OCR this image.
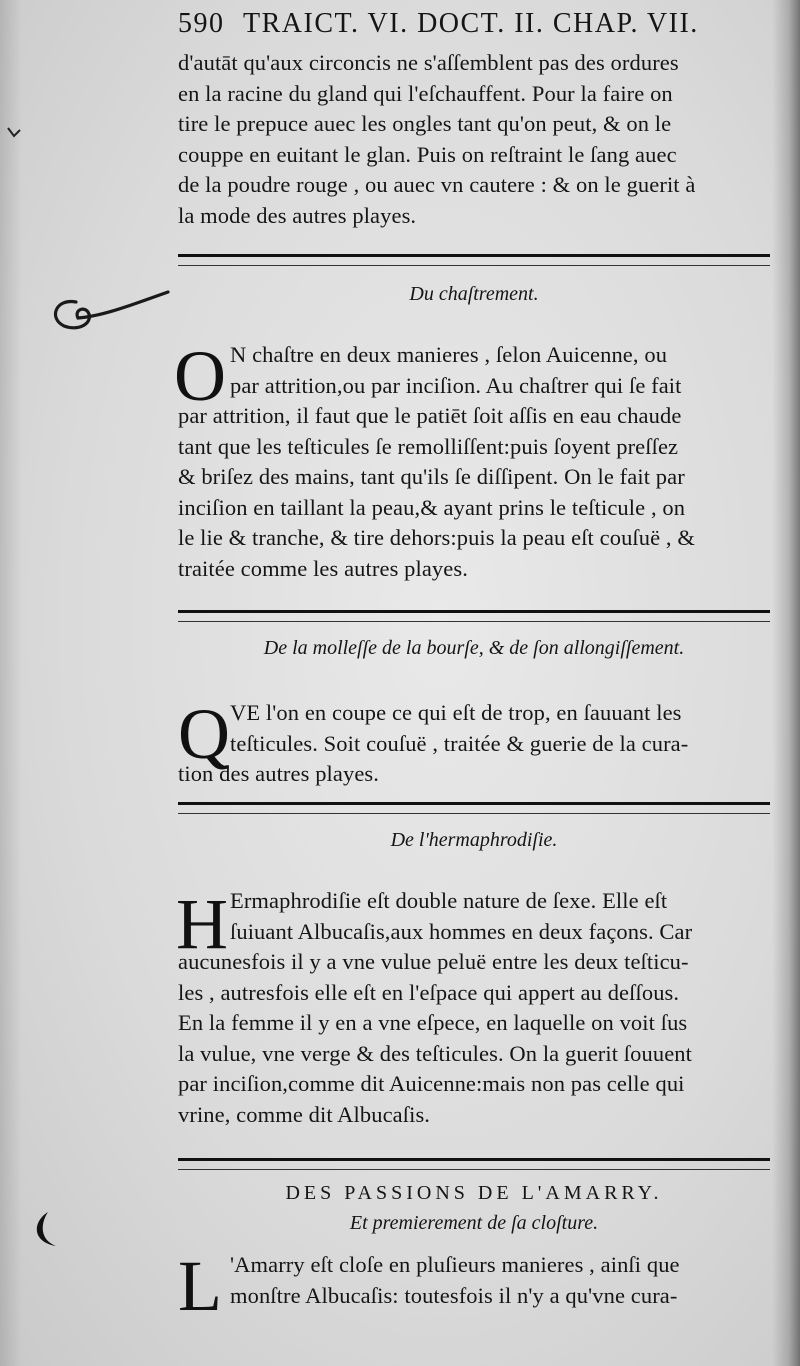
590 TRAICT. VI. DOCT. II. CHAP. VII.
d'autāt qu'aux circoncis ne s'aſſemblent pas des ordures
en la racine du gland qui l'eſchauffent. Pour la faire on
tire le prepuce auec les ongles tant qu'on peut, & on le
couppe en euitant le glan. Puis on reſtraint le ſang auec
de la poudre rouge , ou auec vn cautere : & on le guerit à
la mode des autres playes.
Du chaſtrement.
O N chaſtre en deux manieres , ſelon Auicenne, ou
par attrition,ou par inciſion. Au chaſtrer qui ſe fait
par attrition, il faut que le patiēt ſoit aſſis en eau chaude
tant que les teſticules ſe remolliſſent:puis ſoyent preſſez
& briſez des mains, tant qu'ils ſe diſſipent. On le fait par
inciſion en taillant la peau,& ayant prins le teſticule , on
le lie & tranche, & tire dehors:puis la peau eſt couſuë , &
traitée comme les autres playes.
De la molleſſe de la bourſe, & de ſon allongiſſement.
Q VE l'on en coupe ce qui eſt de trop, en ſauuant les
teſticules. Soit couſuë , traitée & guerie de la cura-
tion des autres playes.
De l'hermaphrodiſie.
H Ermaphrodiſie eſt double nature de ſexe. Elle eſt
ſuiuant Albucaſis,aux hommes en deux façons. Car
aucunesfois il y a vne vulue peluë entre les deux teſticu-
les , autresfois elle eſt en l'eſpace qui appert au deſſous.
En la femme il y en a vne eſpece, en laquelle on voit ſus
la vulue, vne verge & des teſticules. On la guerit ſouuent
par inciſion,comme dit Auicenne:mais non pas celle qui
vrine, comme dit Albucaſis.
DES PASSIONS DE L'AMARRY.
Et premierement de ſa cloſture.
L 'Amarry eſt cloſe en pluſieurs manieres , ainſi que
monſtre Albucaſis: toutesfois il n'y a qu'vne cura-
